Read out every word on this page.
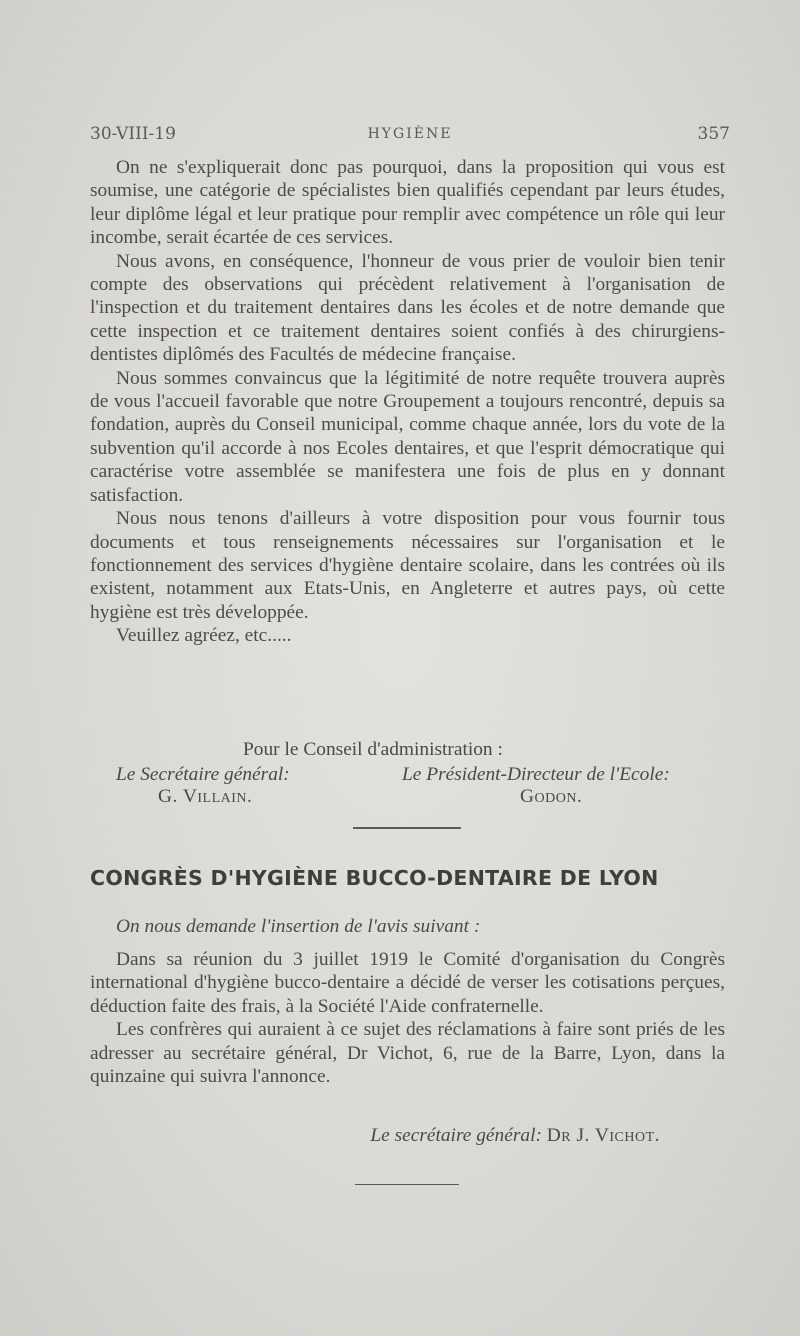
30-VIII-19	HYGIÈNE	357

On ne s'expliquerait donc pas pourquoi, dans la proposition qui vous est soumise, une catégorie de spécialistes bien qualifiés cependant par leurs études, leur diplôme légal et leur pratique pour remplir avec compétence un rôle qui leur incombe, serait écartée de ces services.

Nous avons, en conséquence, l'honneur de vous prier de vouloir bien tenir compte des observations qui précèdent relativement à l'organisation de l'inspection et du traitement dentaires dans les écoles et de notre demande que cette inspection et ce traitement dentaires soient confiés à des chirurgiens-dentistes diplômés des Facultés de médecine française.

Nous sommes convaincus que la légitimité de notre requête trouvera auprès de vous l'accueil favorable que notre Groupement a toujours rencontré, depuis sa fondation, auprès du Conseil municipal, comme chaque année, lors du vote de la subvention qu'il accorde à nos Ecoles dentaires, et que l'esprit démocratique qui caractérise votre assemblée se manifestera une fois de plus en y donnant satisfaction.

Nous nous tenons d'ailleurs à votre disposition pour vous fournir tous documents et tous renseignements nécessaires sur l'organisation et le fonctionnement des services d'hygiène dentaire scolaire, dans les contrées où ils existent, notamment aux Etats-Unis, en Angleterre et autres pays, où cette hygiène est très développée.

Veuillez agréez, etc.....

Pour le Conseil d'administration :
Le Secrétaire général:
G. Villain.
Le Président-Directeur de l'Ecole:
Godon.
CONGRÈS D'HYGIÈNE BUCCO-DENTAIRE DE LYON
On nous demande l'insertion de l'avis suivant :

Dans sa réunion du 3 juillet 1919 le Comité d'organisation du Congrès international d'hygiène bucco-dentaire a décidé de verser les cotisations perçues, déduction faite des frais, à la Société l'Aide confraternelle.

Les confrères qui auraient à ce sujet des réclamations à faire sont priés de les adresser au secrétaire général, Dr Vichot, 6, rue de la Barre, Lyon, dans la quinzaine qui suivra l'annonce.

Le secrétaire général: Dr J. Vichot.
